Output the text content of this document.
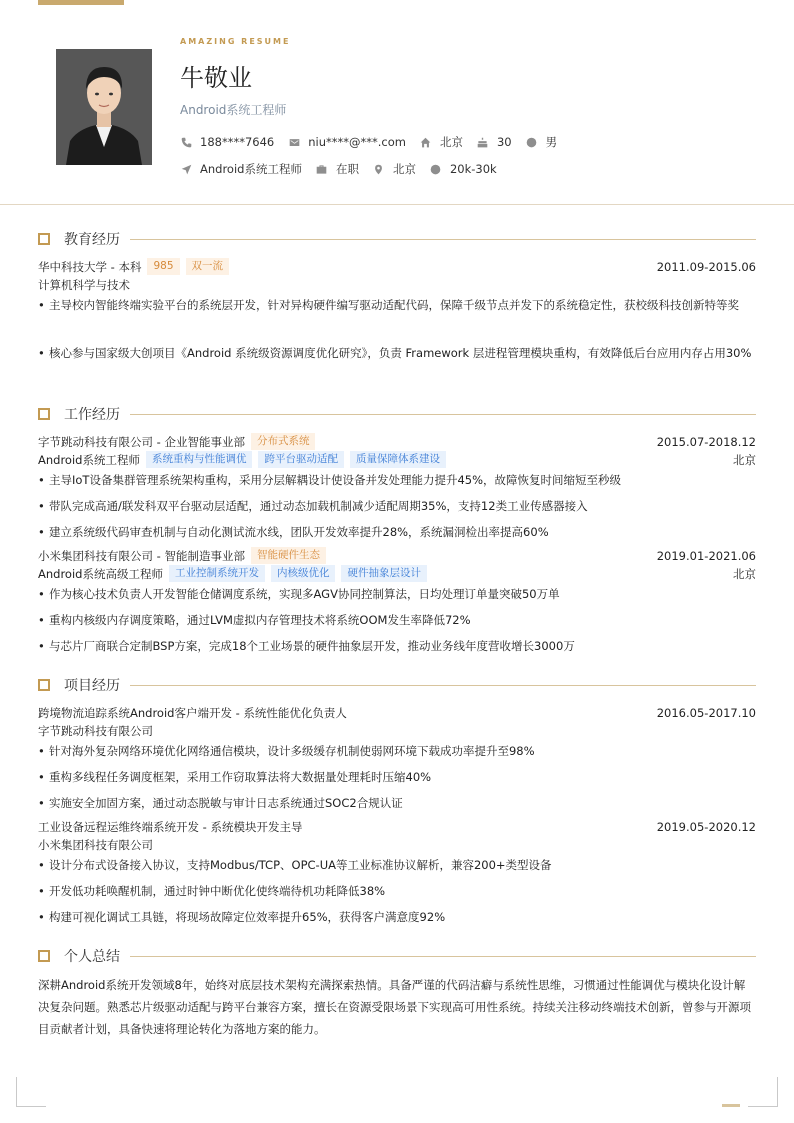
AMAZING RESUME
牛敬业
Android系统工程师
188****7646	niu****@***.com	北京	30	男
Android系统工程师	在职	北京	20k-30k
教育经历
华中科技大学 - 本科	985	双一流	2011.09-2015.06
计算机科学与技术
• 主导校内智能终端实验平台的系统层开发，针对异构硬件编写驱动适配代码，保障千级节点并发下的系统稳定性，获校级科技创新特等奖
• 核心参与国家级大创项目《Android 系统级资源调度优化研究》，负责 Framework 层进程管理模块重构，有效降低后台应用内存占用30%
工作经历
字节跳动科技有限公司 - 企业智能事业部	分布式系统	2015.07-2018.12
Android系统工程师	系统重构与性能调优	跨平台驱动适配	质量保障体系建设	北京
• 主导IoT设备集群管理系统架构重构，采用分层解耦设计使设备并发处理能力提升45%，故障恢复时间缩短至秒级
• 带队完成高通/联发科双平台驱动层适配，通过动态加载机制减少适配周期35%，支持12类工业传感器接入
• 建立系统级代码审查机制与自动化测试流水线，团队开发效率提升28%，系统漏洞检出率提高60%
小米集团科技有限公司 - 智能制造事业部	智能硬件生态	2019.01-2021.06
Android系统高级工程师	工业控制系统开发	内核级优化	硬件抽象层设计	北京
• 作为核心技术负责人开发智能仓储调度系统，实现多AGV协同控制算法，日均处理订单量突破50万单
• 重构内核级内存调度策略，通过LVM虚拟内存管理技术将系统OOM发生率降低72%
• 与芯片厂商联合定制BSP方案，完成18个工业场景的硬件抽象层开发，推动业务线年度营收增长3000万
项目经历
跨境物流追踪系统Android客户端开发 - 系统性能优化负责人	2016.05-2017.10
字节跳动科技有限公司
• 针对海外复杂网络环境优化网络通信模块，设计多级缓存机制使弱网环境下载成功率提升至98%
• 重构多线程任务调度框架，采用工作窃取算法将大数据量处理耗时压缩40%
• 实施安全加固方案，通过动态脱敏与审计日志系统通过SOC2合规认证
工业设备远程运维终端系统开发 - 系统模块开发主导	2019.05-2020.12
小米集团科技有限公司
• 设计分布式设备接入协议，支持Modbus/TCP、OPC-UA等工业标准协议解析，兼容200+类型设备
• 开发低功耗唤醒机制，通过时钟中断优化使终端待机功耗降低38%
• 构建可视化调试工具链，将现场故障定位效率提升65%，获得客户满意度92%
个人总结
深耕Android系统开发领域8年，始终对底层技术架构充满探索热情。具备严谨的代码洁癖与系统性思维，习惯通过性能调优与模块化设计解决复杂问题。熟悉芯片级驱动适配与跨平台兼容方案，擅长在资源受限场景下实现高可用性系统。持续关注移动终端技术创新，曾参与开源项目贡献者计划，具备快速将理论转化为落地方案的能力。
